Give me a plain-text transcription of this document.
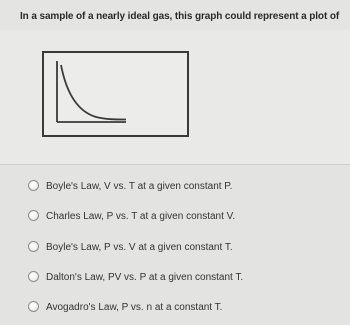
In a sample of a nearly ideal gas, this graph could represent a plot of
Boyle's Law, V vs. T at a given constant P.
Charles Law, P vs. T at a given constant V.
Boyle's Law, P vs. V at a given constant T.
Dalton's Law, PV vs. P at a given constant T.
Avogadro's Law, P vs. n at a constant T.
